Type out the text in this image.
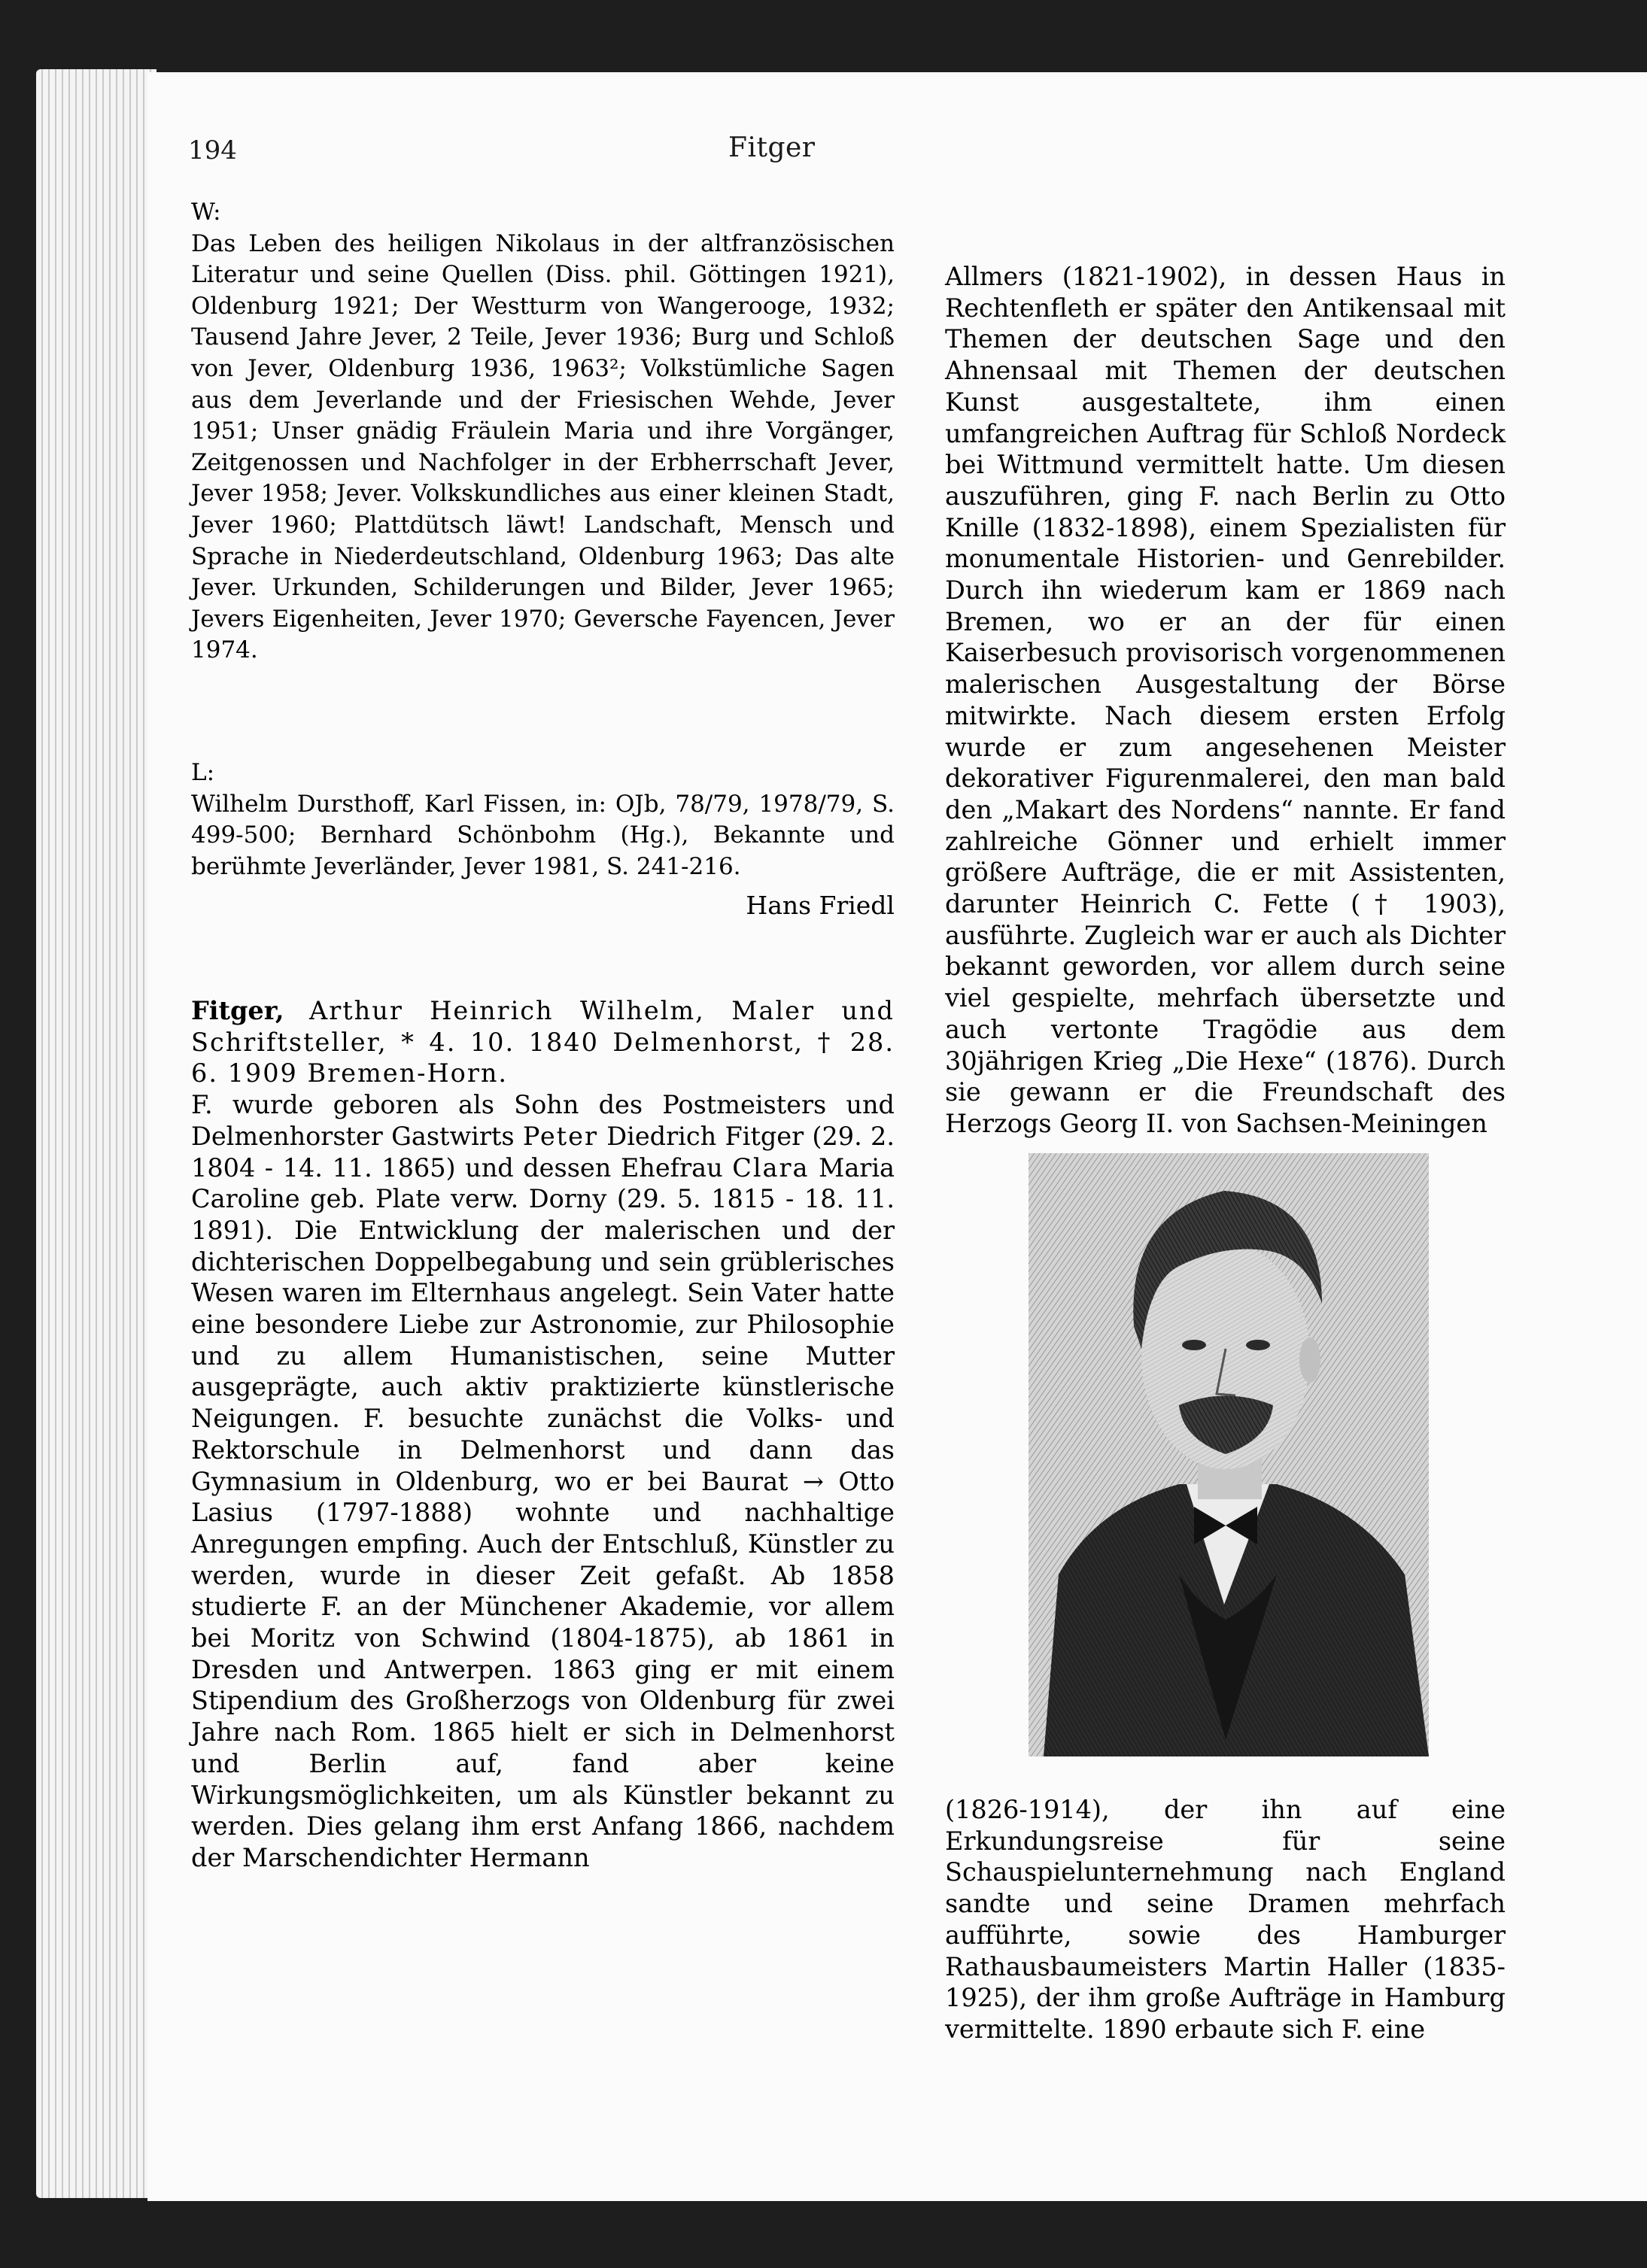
194	Fitger

W:

Das Leben des heiligen Nikolaus in der altfranzösischen Literatur und seine Quellen (Diss. phil. Göttingen 1921), Oldenburg 1921; Der Westturm von Wangerooge, 1932; Tausend Jahre Jever, 2 Teile, Jever 1936; Burg und Schloß von Jever, Oldenburg 1936, 1963²; Volkstümliche Sagen aus dem Jeverlande und der Friesischen Wehde, Jever 1951; Unser gnädig Fräulein Maria und ihre Vorgänger, Zeitgenossen und Nachfolger in der Erbherrschaft Jever, Jever 1958; Jever. Volkskundliches aus einer kleinen Stadt, Jever 1960; Plattdütsch läwt! Landschaft, Mensch und Sprache in Niederdeutschland, Oldenburg 1963; Das alte Jever. Urkunden, Schilderungen und Bilder, Jever 1965; Jevers Eigenheiten, Jever 1970; Geversche Fayencen, Jever 1974.

L:

Wilhelm Dursthoff, Karl Fissen, in: OJb, 78/79, 1978/79, S. 499-500; Bernhard Schönbohm (Hg.), Bekannte und berühmte Jeverländer, Jever 1981, S. 241-216.

Hans Friedl

Fitger, Arthur Heinrich Wilhelm, Maler und Schriftsteller, * 4. 10. 1840 Delmenhorst, † 28. 6. 1909 Bremen-Horn.

F. wurde geboren als Sohn des Postmeisters und Delmenhorster Gastwirts Peter Diedrich Fitger (29. 2. 1804 - 14. 11. 1865) und dessen Ehefrau Clara Maria Caroline geb. Plate verw. Dorny (29. 5. 1815 - 18. 11. 1891). Die Entwicklung der malerischen und der dichterischen Doppelbegabung und sein grüblerisches Wesen waren im Elternhaus angelegt. Sein Vater hatte eine besondere Liebe zur Astronomie, zur Philosophie und zu allem Humanistischen, seine Mutter ausgeprägte, auch aktiv praktizierte künstlerische Neigungen. F. besuchte zunächst die Volks- und Rektorschule in Delmenhorst und dann das Gymnasium in Oldenburg, wo er bei Baurat → Otto Lasius (1797-1888) wohnte und nachhaltige Anregungen empfing. Auch der Entschluß, Künstler zu werden, wurde in dieser Zeit gefaßt. Ab 1858 studierte F. an der Münchener Akademie, vor allem bei Moritz von Schwind (1804-1875), ab 1861 in Dresden und Antwerpen. 1863 ging er mit einem Stipendium des Großherzogs von Oldenburg für zwei Jahre nach Rom. 1865 hielt er sich in Delmenhorst und Berlin auf, fand aber keine Wirkungsmöglichkeiten, um als Künstler bekannt zu werden. Dies gelang ihm erst Anfang 1866, nachdem der Marschendichter Hermann

Allmers (1821-1902), in dessen Haus in Rechtenfleth er später den Antikensaal mit Themen der deutschen Sage und den Ahnensaal mit Themen der deutschen Kunst ausgestaltete, ihm einen umfangreichen Auftrag für Schloß Nordeck bei Wittmund vermittelt hatte. Um diesen auszuführen, ging F. nach Berlin zu Otto Knille (1832-1898), einem Spezialisten für monumentale Historien- und Genrebilder. Durch ihn wiederum kam er 1869 nach Bremen, wo er an der für einen Kaiserbesuch provisorisch vorgenommenen malerischen Ausgestaltung der Börse mitwirkte. Nach diesem ersten Erfolg wurde er zum angesehenen Meister dekorativer Figurenmalerei, den man bald den „Makart des Nordens“ nannte. Er fand zahlreiche Gönner und erhielt immer größere Aufträge, die er mit Assistenten, darunter Heinrich C. Fette († 1903), ausführte. Zugleich war er auch als Dichter bekannt geworden, vor allem durch seine viel gespielte, mehrfach übersetzte und auch vertonte Tragödie aus dem 30jährigen Krieg „Die Hexe“ (1876). Durch sie gewann er die Freundschaft des Herzogs Georg II. von Sachsen-Meiningen

(1826-1914), der ihn auf eine Erkundungsreise für seine Schauspielunternehmung nach England sandte und seine Dramen mehrfach aufführte, sowie des Hamburger Rathausbaumeisters Martin Haller (1835-1925), der ihm große Aufträge in Hamburg vermittelte. 1890 erbaute sich F. eine
